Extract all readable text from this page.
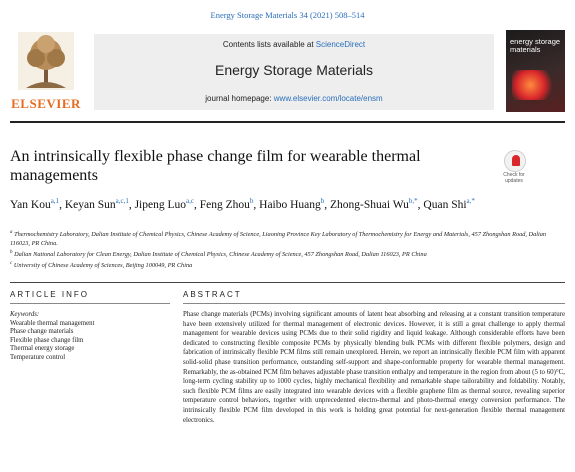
Energy Storage Materials 34 (2021) 508–514
ELSEVIER
Contents lists available at ScienceDirect
Energy Storage Materials
journal homepage: www.elsevier.com/locate/ensm
energy storage materials
An intrinsically flexible phase change film for wearable thermal managements	Check for updates
Yan Kou$^{a,1}$, Keyan Sun$^{a,c,1}$, Jipeng Luo$^{a,c}$, Feng Zhou$^b$, Haibo Huang$^b$, Zhong-Shuai $Wu^{b,*}$, Quan Shi$^{a,*}$
$^a$ Thermochemistry Laboratory, Dalian Institute of Chemical Physics, Chinese Academy of Science, Liaoning Province Key Laboratory of Thermochemistry for Energy and Materials, 457 Zhongshan Road, Dalian 116023, PR China.
$^b$ Dalian National Laboratory for Clean Energy, Dalian Institute of Chemical Physics, Chinese Academy of Science, 457 Zhongshan Road, Dalian 116023, PR China
$^c$ University of Chinese Academy of Sciences, Beijing 100049, PR China
ARTICLE INFO	ABSTRACT
Keywords:
Wearable thermal management
Phase change materials
Flexible phase change film
Thermal energy storage
Temperature control
Phase change materials (PCMs) involving significant amounts of latent heat absorbing and releasing at a constant transition temperature have been extensively utilized for thermal management of electronic devices. However, it is still a great challenge to apply thermal management for wearable devices using PCMs due to their solid rigidity and liquid leakage. Although considerable efforts have been dedicated to constructing flexible composite PCMs by physically blending bulk PCMs with different flexible polymers, design and fabrication of intrinsically flexible PCM films still remain unexplored. Herein, we report an intrinsically flexible PCM film with apparent solid-solid phase transition performance, outstanding self-support and shape-conformable property for wearable thermal management. Remarkably, the as-obtained PCM film behaves adjustable phase transition enthalpy and temperature in the region from about (5 to 60)°C, long-term cycling stability up to 1000 cycles, highly mechanical flexibility and remarkable shape tailorability and foldability. Notably, such flexible PCM films are easily integrated into wearable devices with a flexible graphene film as thermal source, revealing superior temperature control behaviors, together with unprecedented electro-thermal and photo-thermal energy conversion performance. The intrinsically flexible PCM film developed in this work is holding great potential for next-generation flexible thermal management electronics.
